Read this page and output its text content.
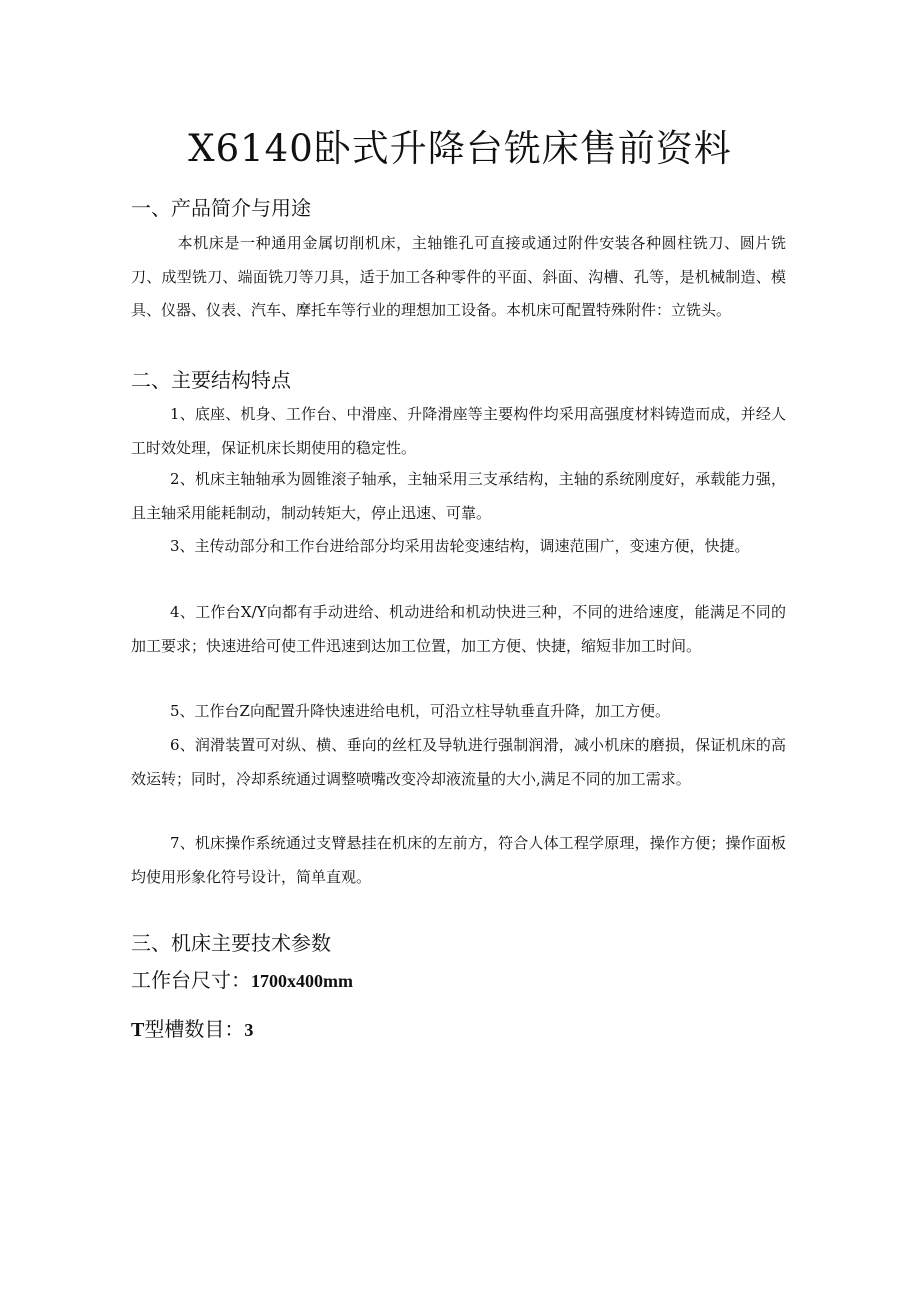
X6140卧式升降台铣床售前资料
一、产品简介与用途
本机床是一种通用金属切削机床，主轴锥孔可直接或通过附件安装各种圆柱铣刀、圆片铣刀、成型铣刀、端面铣刀等刀具，适于加工各种零件的平面、斜面、沟槽、孔等，是机械制造、模具、仪器、仪表、汽车、摩托车等行业的理想加工设备。本机床可配置特殊附件：立铣头。
二、主要结构特点
1、底座、机身、工作台、中滑座、升降滑座等主要构件均采用高强度材料铸造而成，并经人工时效处理，保证机床长期使用的稳定性。
2、机床主轴轴承为圆锥滚子轴承，主轴采用三支承结构，主轴的系统刚度好，承载能力强，且主轴采用能耗制动，制动转矩大，停止迅速、可靠。
3、主传动部分和工作台进给部分均采用齿轮变速结构，调速范围广，变速方便，快捷。
4、工作台X/Y向都有手动进给、机动进给和机动快进三种，不同的进给速度，能满足不同的加工要求；快速进给可使工件迅速到达加工位置，加工方便、快捷，缩短非加工时间。
5、工作台Z向配置升降快速进给电机，可沿立柱导轨垂直升降，加工方便。
6、润滑装置可对纵、横、垂向的丝杠及导轨进行强制润滑，减小机床的磨损，保证机床的高效运转；同时，冷却系统通过调整喷嘴改变冷却液流量的大小,满足不同的加工需求。
7、机床操作系统通过支臂悬挂在机床的左前方，符合人体工程学原理，操作方便；操作面板均使用形象化符号设计，简单直观。
三、机床主要技术参数
工作台尺寸：1700x400mm
T型槽数目：3
